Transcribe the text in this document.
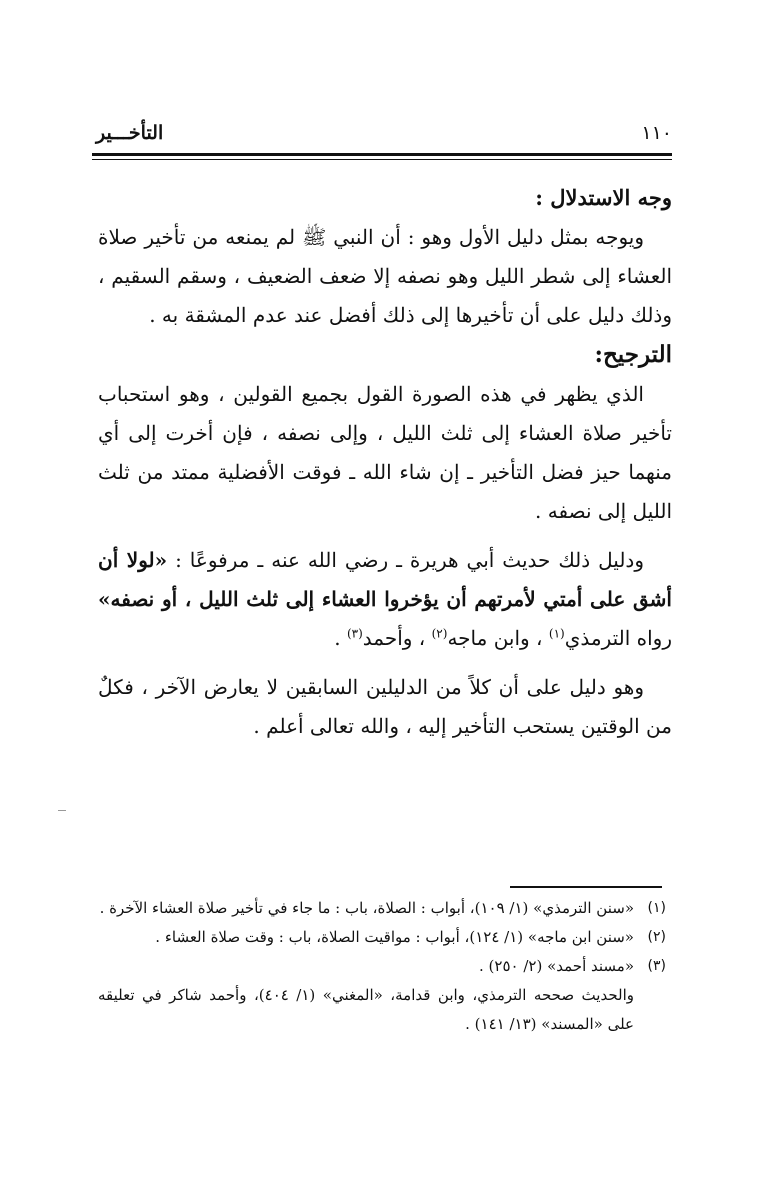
١١٠
التأخـــير

وجه الاستدلال :

ويوجه بمثل دليل الأول وهو : أن النبي ﷺ لم يمنعه من تأخير صلاة العشاء إلى شطر الليل وهو نصفه إلا ضعف الضعيف ، وسقم السقيم ، وذلك دليل على أن تأخيرها إلى ذلك أفضل عند عدم المشقة به .

الترجيح:

الذي يظهر في هذه الصورة القول بجميع القولين ، وهو استحباب تأخير صلاة العشاء إلى ثلث الليل ، وإلى نصفه ، فإن أخرت إلى أي منهما حيز فضل التأخير ـ إن شاء الله ـ فوقت الأفضلية ممتد من ثلث الليل إلى نصفه .

ودليل ذلك حديث أبي هريرة ـ رضي الله عنه ـ مرفوعًا : «لولا أن أشق على أمتي لأمرتهم أن يؤخروا العشاء إلى ثلث الليل ، أو نصفه» رواه الترمذي$^{(١)}$ ، وابن ماجه$^{(٢)}$ ، وأحمد$^{(٣)}$ .

وهو دليل على أن كلاً من الدليلين السابقين لا يعارض الآخر ، فكلٌ من الوقتين يستحب التأخير إليه ، والله تعالى أعلم .

(١)
«سنن الترمذي» (١/ ١٠٩)، أبواب : الصلاة، باب : ما جاء في تأخير صلاة العشاء الآخرة .
(٢)
«سنن ابن ماجه» (١/ ١٢٤)، أبواب : مواقيت الصلاة، باب : وقت صلاة العشاء .
(٣)
«مسند أحمد» (٢/ ٢٥٠) .
والحديث صححه الترمذي، وابن قدامة، «المغني» (١/ ٤٠٤)، وأحمد شاكر في تعليقه على «المسند» (١٣/ ١٤١) .
